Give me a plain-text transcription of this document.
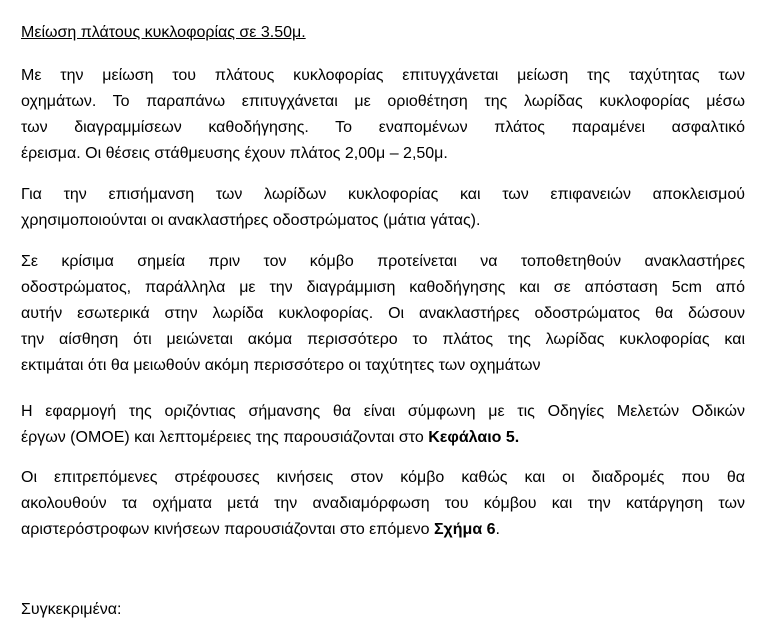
Μείωση πλάτους κυκλοφορίας σε 3.50μ.
Με την μείωση του πλάτους κυκλοφορίας επιτυγχάνεται μείωση της ταχύτητας των
οχημάτων. Το παραπάνω επιτυγχάνεται με οριοθέτηση της λωρίδας κυκλοφορίας μέσω
των διαγραμμίσεων καθοδήγησης. Το εναπομένων πλάτος παραμένει ασφαλτικό
έρεισμα. Οι θέσεις στάθμευσης έχουν πλάτος 2,00μ – 2,50μ.
Για την επισήμανση των λωρίδων κυκλοφορίας και των επιφανειών αποκλεισμού
χρησιμοποιούνται οι ανακλαστήρες οδοστρώματος (μάτια γάτας).
Σε κρίσιμα σημεία πριν τον κόμβο προτείνεται να τοποθετηθούν ανακλαστήρες
οδοστρώματος, παράλληλα με την διαγράμμιση καθοδήγησης και σε απόσταση 5cm από
αυτήν εσωτερικά στην λωρίδα κυκλοφορίας. Οι ανακλαστήρες οδοστρώματος θα δώσουν
την αίσθηση ότι μειώνεται ακόμα περισσότερο το πλάτος της λωρίδας κυκλοφορίας και
εκτιμάται ότι θα μειωθούν ακόμη περισσότερο οι ταχύτητες των οχημάτων
Η εφαρμογή της οριζόντιας σήμανσης θα είναι σύμφωνη με τις Οδηγίες Μελετών Οδικών
έργων (ΟΜΟΕ) και λεπτομέρειες της παρουσιάζονται στο Κεφάλαιο 5.
Οι επιτρεπόμενες στρέφουσες κινήσεις στον κόμβο καθώς και οι διαδρομές που θα
ακολουθούν τα οχήματα μετά την αναδιαμόρφωση του κόμβου και την κατάργηση των
αριστερόστροφων κινήσεων παρουσιάζονται στο επόμενο Σχήμα 6.
Συγκεκριμένα:
